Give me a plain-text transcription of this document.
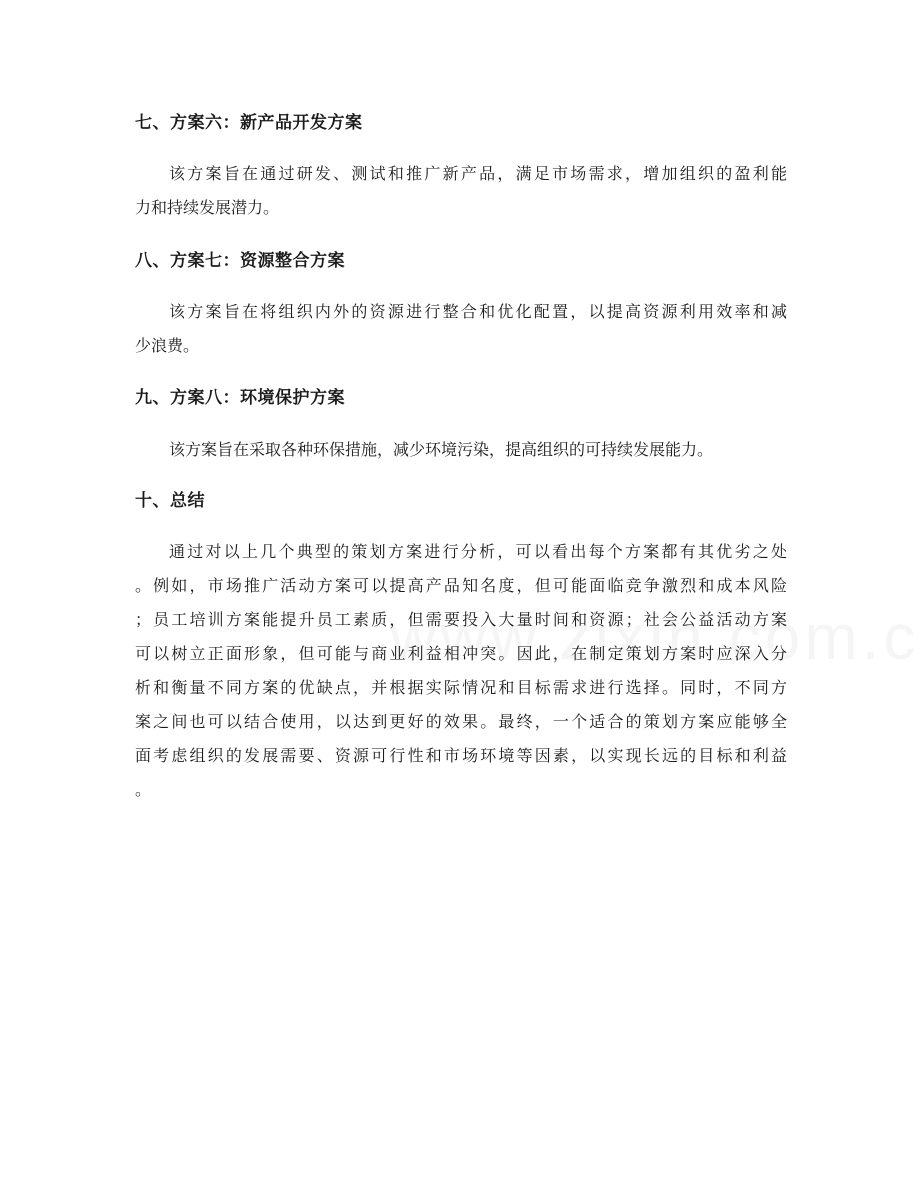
七、方案六：新产品开发方案
该方案旨在通过研发、测试和推广新产品，满足市场需求，增加组织的盈利能
力和持续发展潜力。
八、方案七：资源整合方案
该方案旨在将组织内外的资源进行整合和优化配置，以提高资源利用效率和减
少浪费。
九、方案八：环境保护方案
该方案旨在采取各种环保措施，减少环境污染，提高组织的可持续发展能力。
十、总结
通过对以上几个典型的策划方案进行分析，可以看出每个方案都有其优劣之处
。例如，市场推广活动方案可以提高产品知名度，但可能面临竞争激烈和成本风险
；员工培训方案能提升员工素质，但需要投入大量时间和资源；社会公益活动方案
可以树立正面形象，但可能与商业利益相冲突。因此，在制定策划方案时应深入分
析和衡量不同方案的优缺点，并根据实际情况和目标需求进行选择。同时，不同方
案之间也可以结合使用，以达到更好的效果。最终，一个适合的策划方案应能够全
面考虑组织的发展需要、资源可行性和市场环境等因素，以实现长远的目标和利益
。
